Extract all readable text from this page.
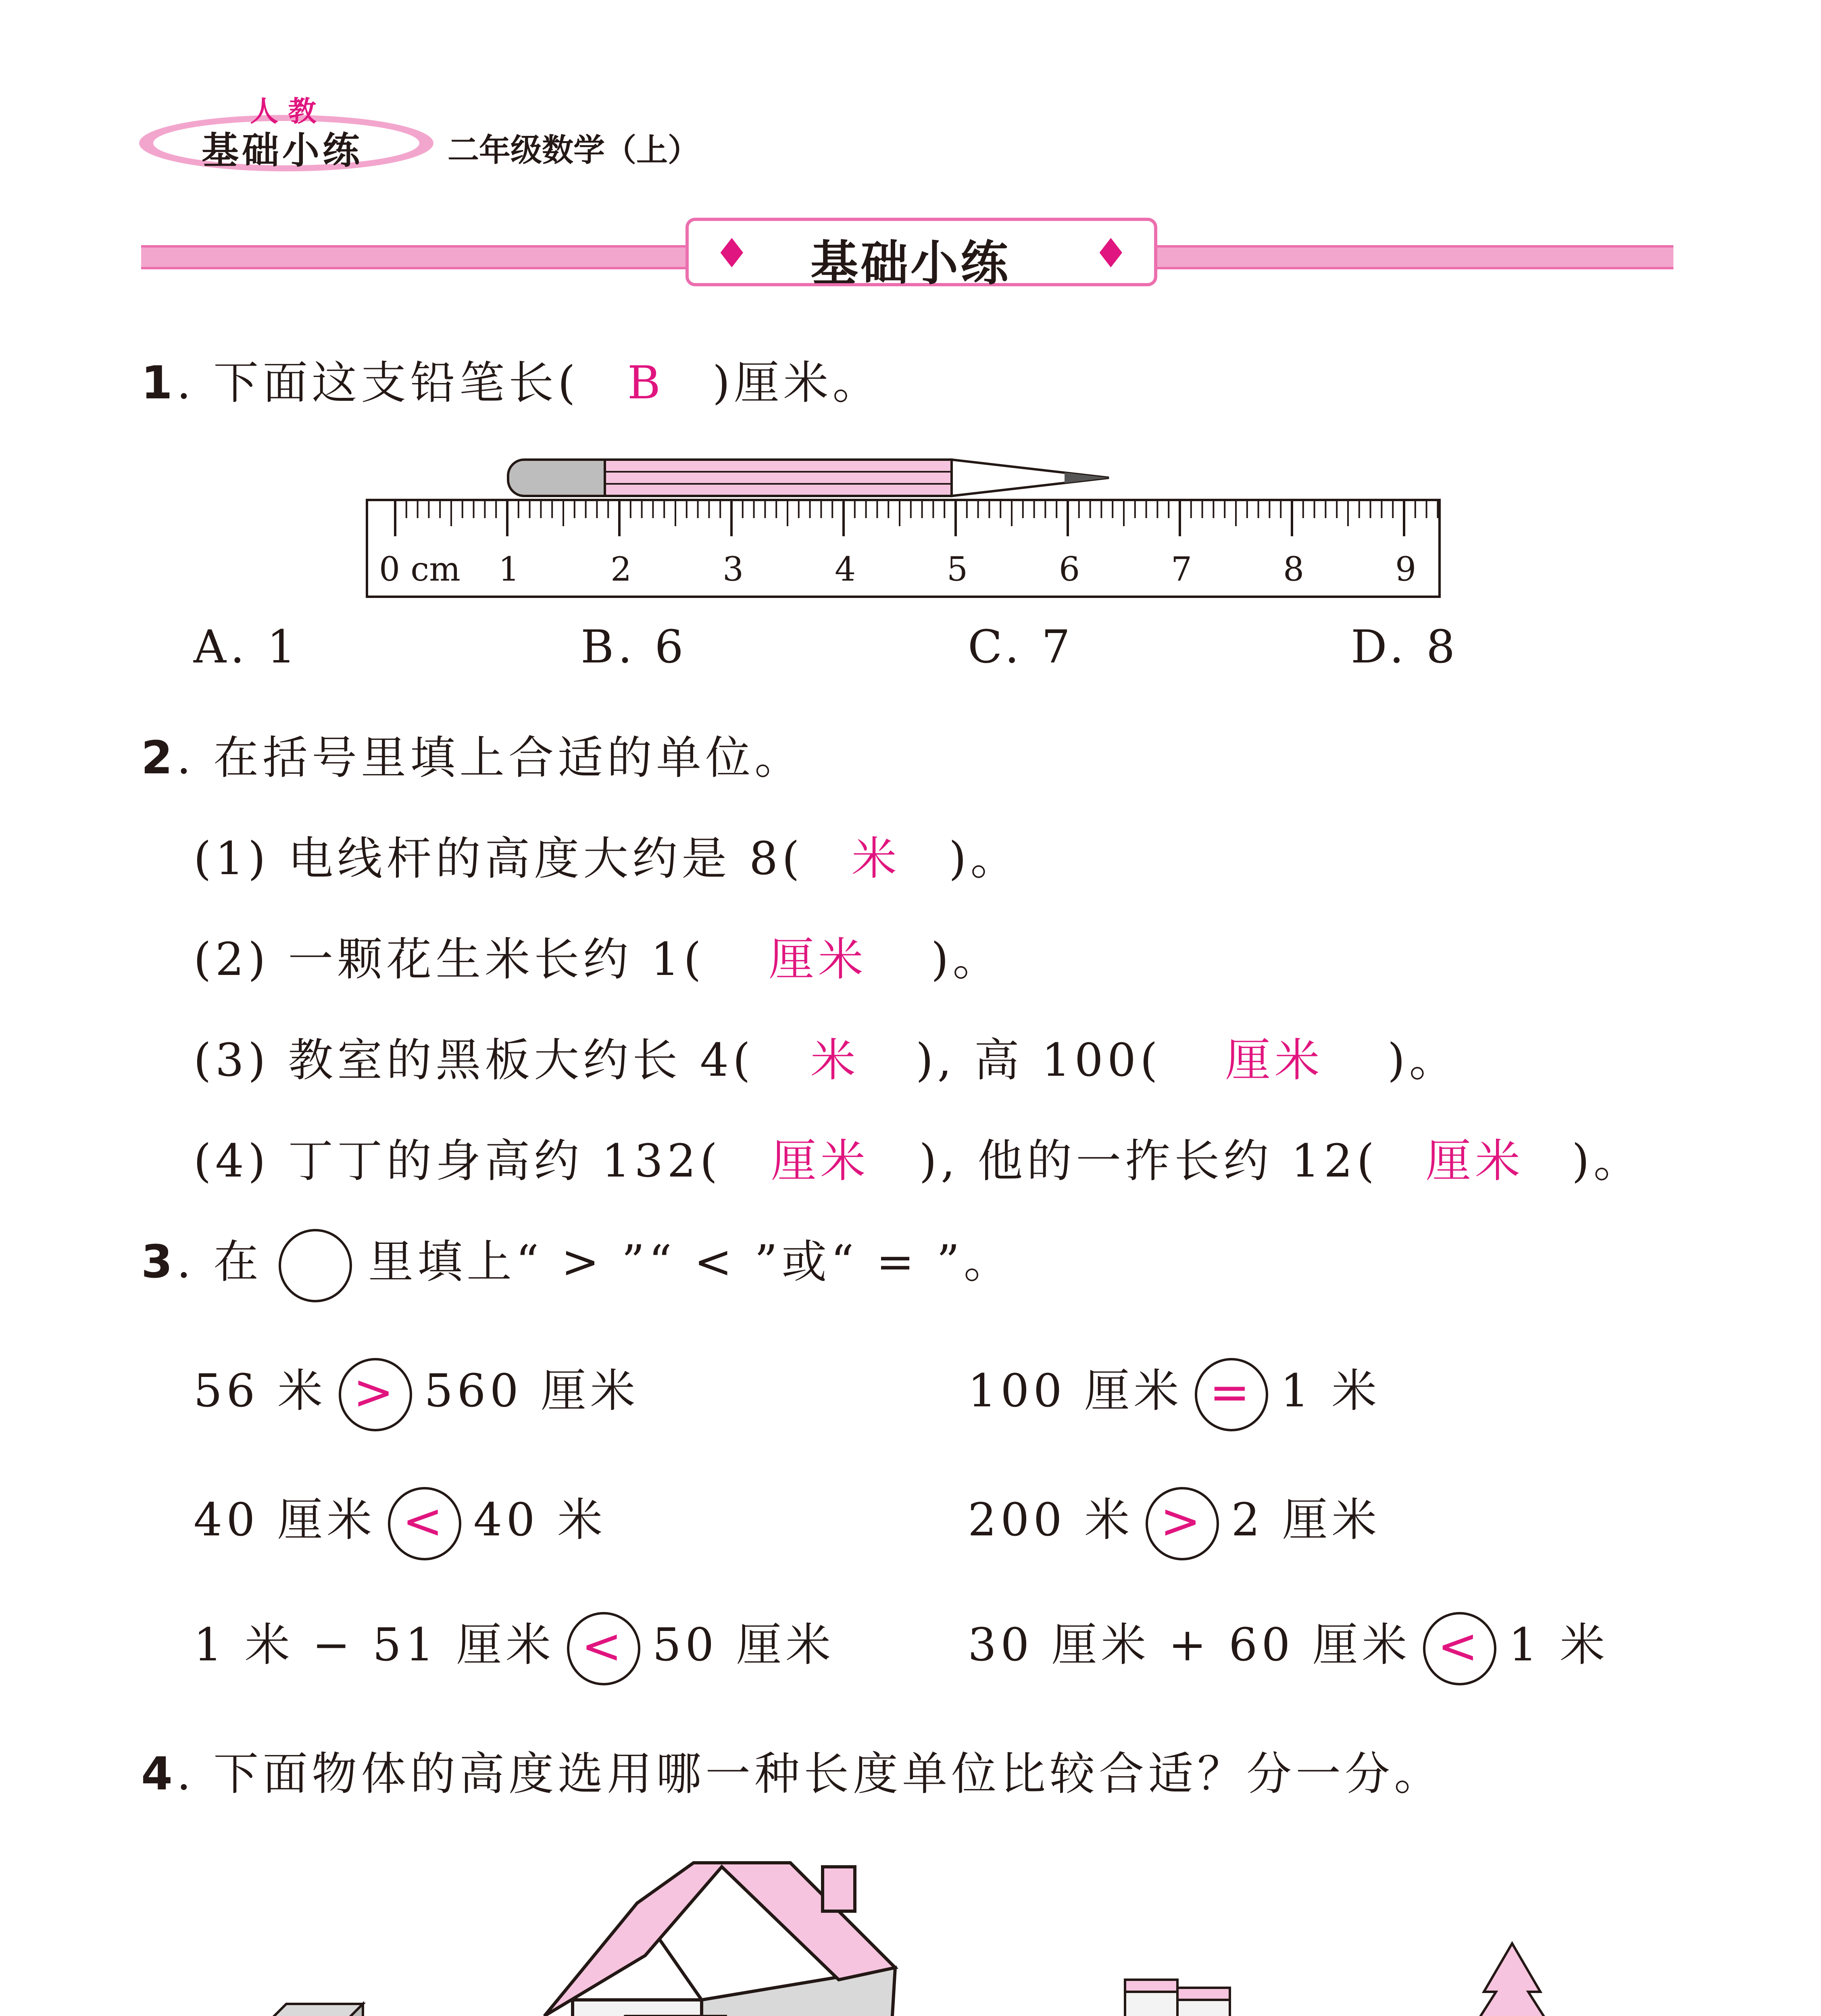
人 教
基础小练	二年级数学（上）
♦ 基础小练 ♦
1. 下面这支铅笔长( B )厘米。
0 cm 1	2	3	4	5	6	7	8	9
A. 1	B. 6	C. 7	D. 8
2. 在括号里填上合适的单位。
(1) 电线杆的高度大约是 8( 米 )。
(2) 一颗花生米长约 1( 厘米 )。
(3) 教室的黑板大约长 4( 米 ), 高 100( 厘米 )。
(4) 丁丁的身高约 132( 厘米 ), 他的一拃长约 12( 厘米 )。
3. 在 里填上“ > ”“ < ”或“ = ”。
56 米 > 560 厘米	100 厘米 = 1 米
40 厘米 < 40 米	200 米 > 2 厘米
1 米 − 51 厘米 < 50 厘米	30 厘米 + 60 厘米 < 1 米
4. 下面物体的高度选用哪一种长度单位比较合适？分一分。
